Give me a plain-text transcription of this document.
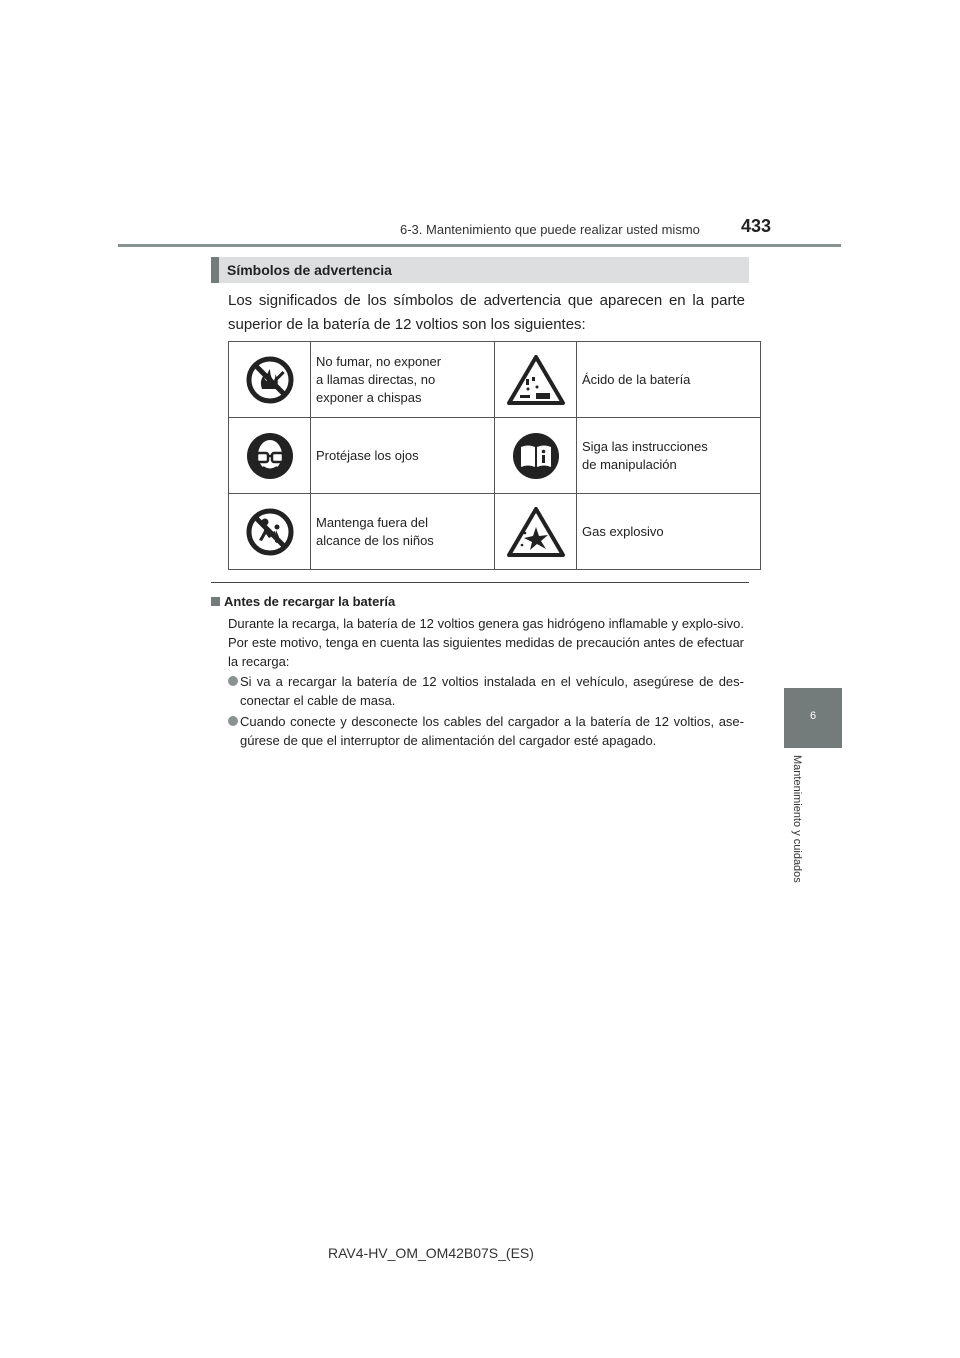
6-3. Mantenimiento que puede realizar usted mismo 433
6
Mantenimiento y cuidados
Símbolos de advertencia
Los significados de los símbolos de advertencia que aparecen en la parte superior de la batería de 12 voltios son los siguientes:
	No fumar, no exponer
a llamas directas, no
exponer a chispas		Ácido de la batería

	Protéjase los ojos		Siga las instrucciones
de manipulación

	Mantenga fuera del
alcance de los niños		Gas explosivo
Antes de recargar la batería
Durante la recarga, la batería de 12 voltios genera gas hidrógeno inflamable y explo-sivo. Por este motivo, tenga en cuenta las siguientes medidas de precaución antes de efectuar la recarga:
Si va a recargar la batería de 12 voltios instalada en el vehículo, asegúrese de des-conectar el cable de masa.
Cuando conecte y desconecte los cables del cargador a la batería de 12 voltios, ase-gúrese de que el interruptor de alimentación del cargador esté apagado.
RAV4-HV_OM_OM42B07S_(ES)
